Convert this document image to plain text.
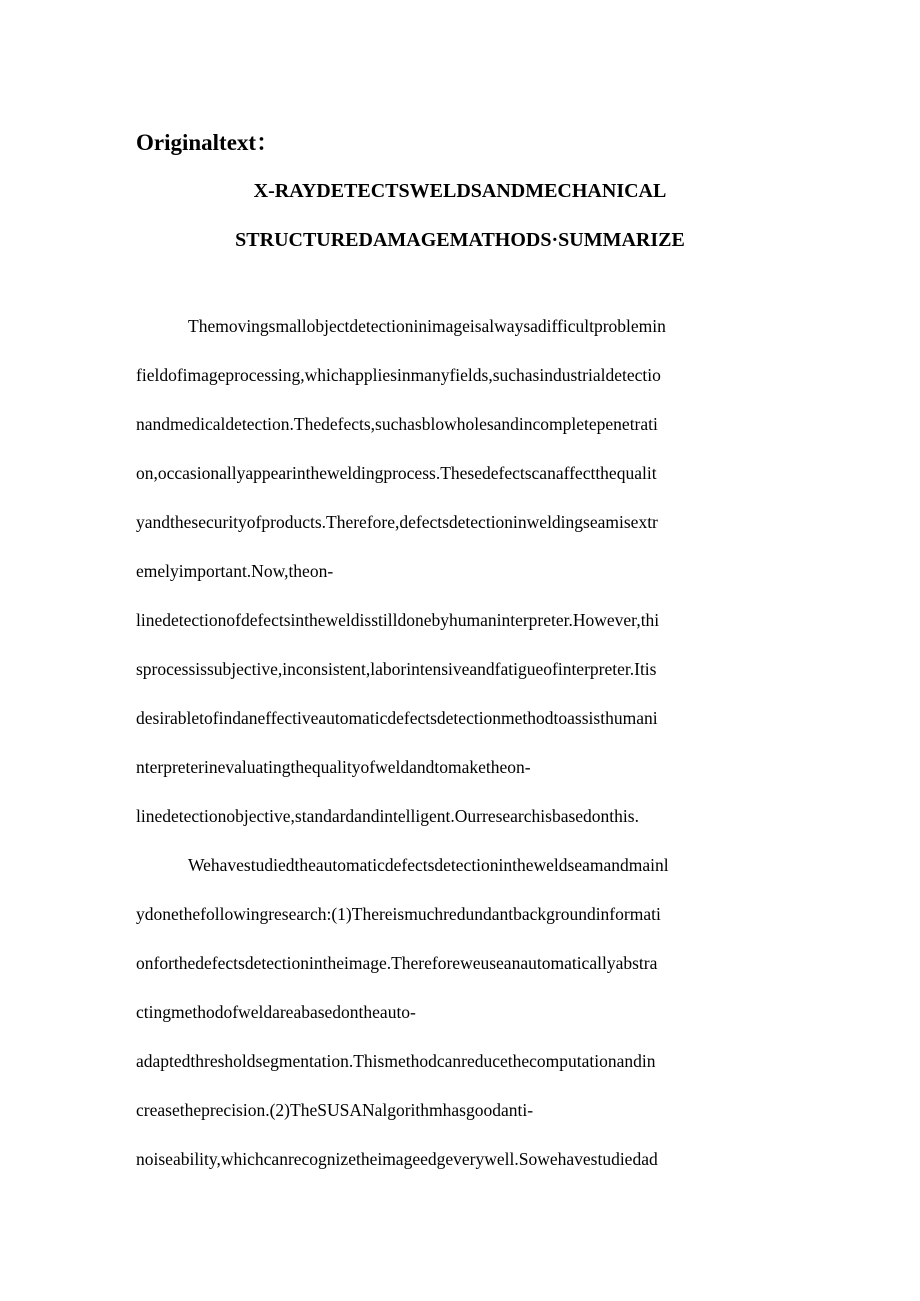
Originaltext：
X-RAYDETECTSWELDSANDMECHANICAL
STRUCTUREDAMAGEMATHODS·SUMMARIZE

Themovingsmallobjectdetectioninimageisalwaysadifficultproblemin

fieldofimageprocessing,whichappliesinmanyfields,suchasindustrialdetectio

nandmedicaldetection.Thedefects,suchasblowholesandincompletepenetrati

on,occasionallyappearintheweldingprocess.Thesedefectscanaffectthequalit

yandthesecurityofproducts.Therefore,defectsdetectioninweldingseamisextr

emelyimportant.Now,theon-

linedetectionofdefectsintheweldisstilldonebyhumaninterpreter.However,thi

sprocessissubjective,inconsistent,laborintensiveandfatigueofinterpreter.Itis

desirabletofindaneffectiveautomaticdefectsdetectionmethodtoassisthumani

nterpreterinevaluatingthequalityofweldandtomaketheon-

linedetectionobjective,standardandintelligent.Ourresearchisbasedonthis.

Wehavestudiedtheautomaticdefectsdetectionintheweldseamandmainl

ydonethefollowingresearch:(1)Thereismuchredundantbackgroundinformati

onforthedefectsdetectionintheimage.Thereforeweuseanautomaticallyabstra

ctingmethodofweldareabasedontheauto-

adaptedthresholdsegmentation.Thismethodcanreducethecomputationandin

creasetheprecision.(2)TheSUSANalgorithmhasgoodanti-

noiseability,whichcanrecognizetheimageedgeverywell.Sowehavestudiedad
